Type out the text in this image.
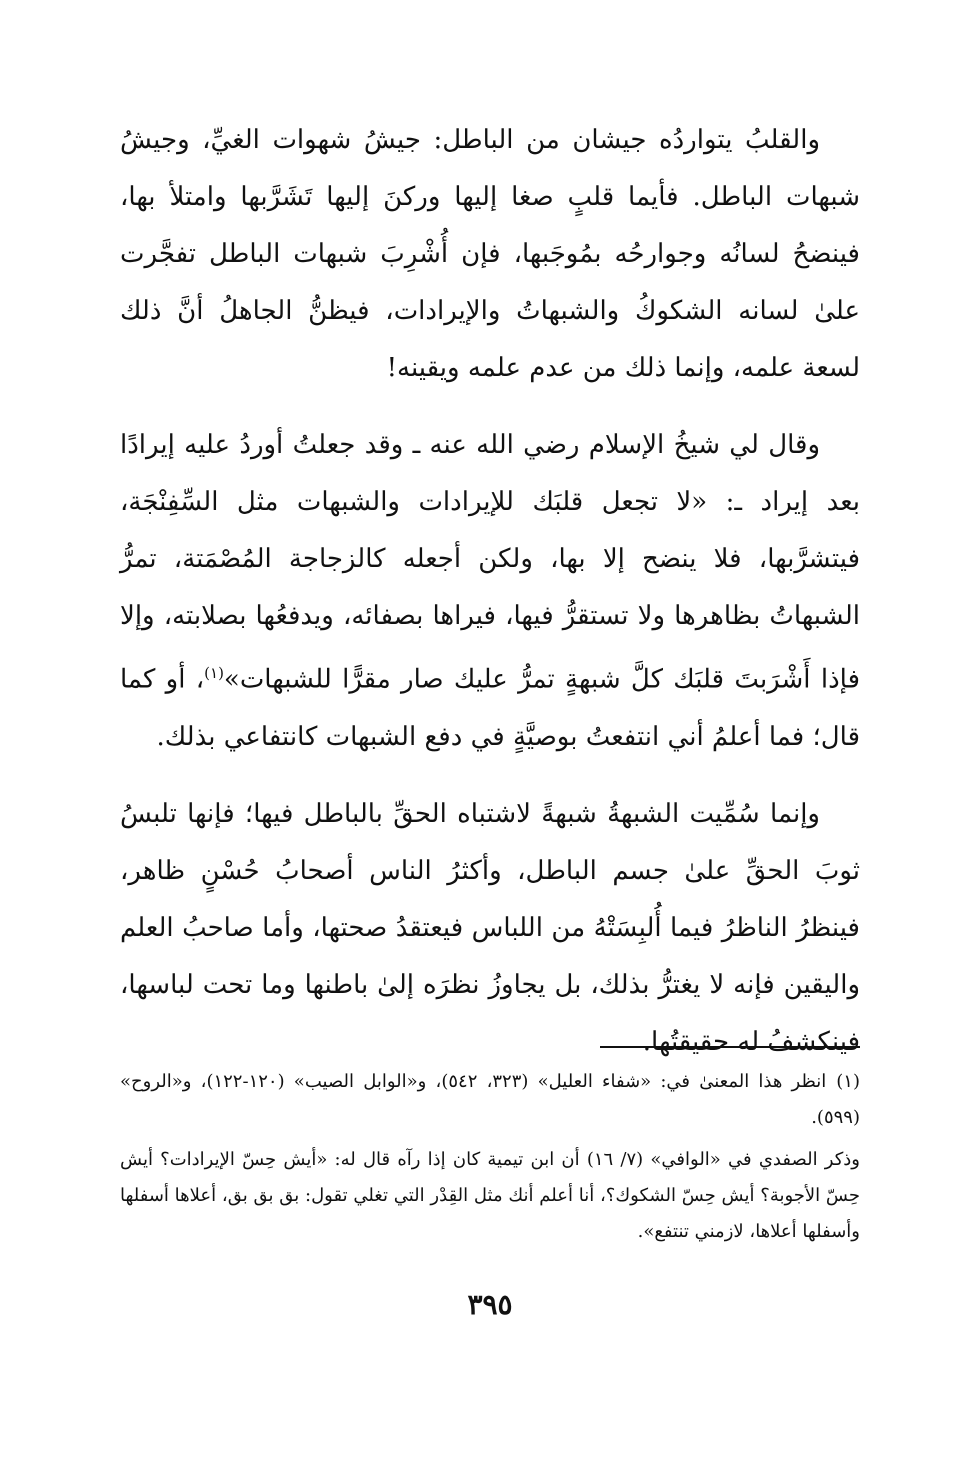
والقلبُ يتواردُه جيشان من الباطل: جيشُ شهوات الغيِّ، وجيشُ شبهات الباطل. فأيما قلبٍ صغا إليها وركنَ إليها تَشَرَّبها وامتلأ بها، فينضحُ لسانُه وجوارحُه بمُوجَبها، فإن أُشْرِبَ شبهات الباطل تفجَّرت علىٰ لسانه الشكوكُ والشبهاتُ والإيرادات، فيظنُّ الجاهلُ أنَّ ذلك لسعة علمه، وإنما ذلك من عدم علمه ويقينه!

وقال لي شيخُ الإسلام رضي الله عنه ـ وقد جعلتُ أوردُ عليه إيرادًا بعد إيراد ـ: «لا تجعل قلبَك للإيرادات والشبهات مثل السِّفِنْجَة، فيتشرَّبها، فلا ينضح إلا بها، ولكن أجعله كالزجاجة المُصْمَتة، تمرُّ الشبهاتُ بظاهرها ولا تستقرُّ فيها، فيراها بصفائه، ويدفعُها بصلابته، وإلا فإذا أَشْرَبتَ قلبَك كلَّ شبهةٍ تمرُّ عليك صار مقرًّا للشبهات»$^{(١)}$، أو كما قال؛ فما أعلمُ أني انتفعتُ بوصيَّةٍ في دفع الشبهات كانتفاعي بذلك.

وإنما سُمِّيت الشبهةُ شبهةً لاشتباه الحقِّ بالباطل فيها؛ فإنها تلبسُ ثوبَ الحقِّ علىٰ جسم الباطل، وأكثرُ الناس أصحابُ حُسْنٍ ظاهر، فينظرُ الناظرُ فيما أُلبِسَتْهُ من اللباس فيعتقدُ صحتها، وأما صاحبُ العلم واليقين فإنه لا يغترُّ بذلك، بل يجاوزُ نظرَه إلىٰ باطنها وما تحت لباسها، فينكشفُ له حقيقتُها.

(١)انظر هذا المعنىٰ في: «شفاء العليل» (٣٢٣، ٥٤٢)، و«الوابل الصيب» (١٢٠-١٢٢)، و«الروح» (٥٩٩).

وذكر الصفدي في «الوافي» (٧/ ١٦) أن ابن تيمية كان إذا رآه قال له: «أيش حِسّ الإيرادات؟ أيش حِسّ الأجوبة؟ أيش حِسّ الشكوك؟، أنا أعلم أنك مثل القِدْر التي تغلي تقول: بق بق بق، أعلاها أسفلها وأسفلها أعلاها، لازمني تنتفع».

٣٩٥
